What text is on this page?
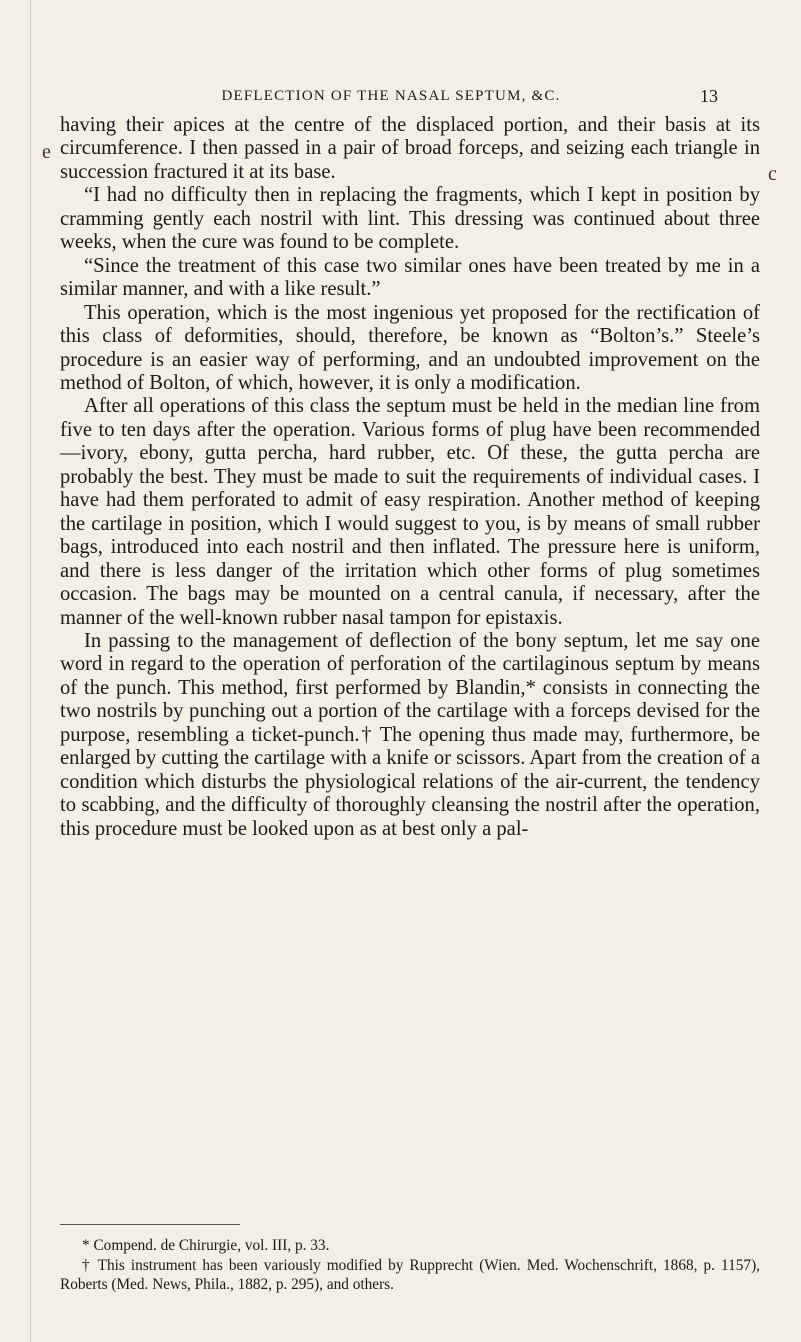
DEFLECTION OF THE NASAL SEPTUM, &C.	13
e
c

having their apices at the centre of the displaced portion, and their basis at its circumference. I then passed in a pair of broad forceps, and seizing each triangle in succession fractured it at its base.

“I had no difficulty then in replacing the fragments, which I kept in position by cramming gently each nostril with lint. This dressing was continued about three weeks, when the cure was found to be complete.

“Since the treatment of this case two similar ones have been treated by me in a similar manner, and with a like result.”

This operation, which is the most ingenious yet proposed for the rectification of this class of deformities, should, therefore, be known as “Bolton’s.” Steele’s procedure is an easier way of performing, and an undoubted improvement on the method of Bolton, of which, however, it is only a modification.

After all operations of this class the septum must be held in the median line from five to ten days after the operation. Various forms of plug have been recommended—ivory, ebony, gutta percha, hard rubber, etc. Of these, the gutta percha are probably the best. They must be made to suit the requirements of individual cases. I have had them perforated to admit of easy respiration. Another method of keeping the cartilage in position, which I would suggest to you, is by means of small rubber bags, introduced into each nostril and then inflated. The pressure here is uniform, and there is less danger of the irritation which other forms of plug sometimes occasion. The bags may be mounted on a central canula, if necessary, after the manner of the well-known rubber nasal tampon for epistaxis.

In passing to the management of deflection of the bony septum, let me say one word in regard to the operation of perforation of the cartilaginous septum by means of the punch. This method, first performed by Blandin,* consists in connecting the two nostrils by punching out a portion of the cartilage with a forceps devised for the purpose, resembling a ticket-punch.† The opening thus made may, furthermore, be enlarged by cutting the cartilage with a knife or scissors. Apart from the creation of a condition which disturbs the physiological relations of the air-current, the tendency to scabbing, and the difficulty of thoroughly cleansing the nostril after the operation, this procedure must be looked upon as at best only a pal-

* Compend. de Chirurgie, vol. III, p. 33.

† This instrument has been variously modified by Rupprecht (Wien. Med. Wochenschrift, 1868, p. 1157), Roberts (Med. News, Phila., 1882, p. 295), and others.
